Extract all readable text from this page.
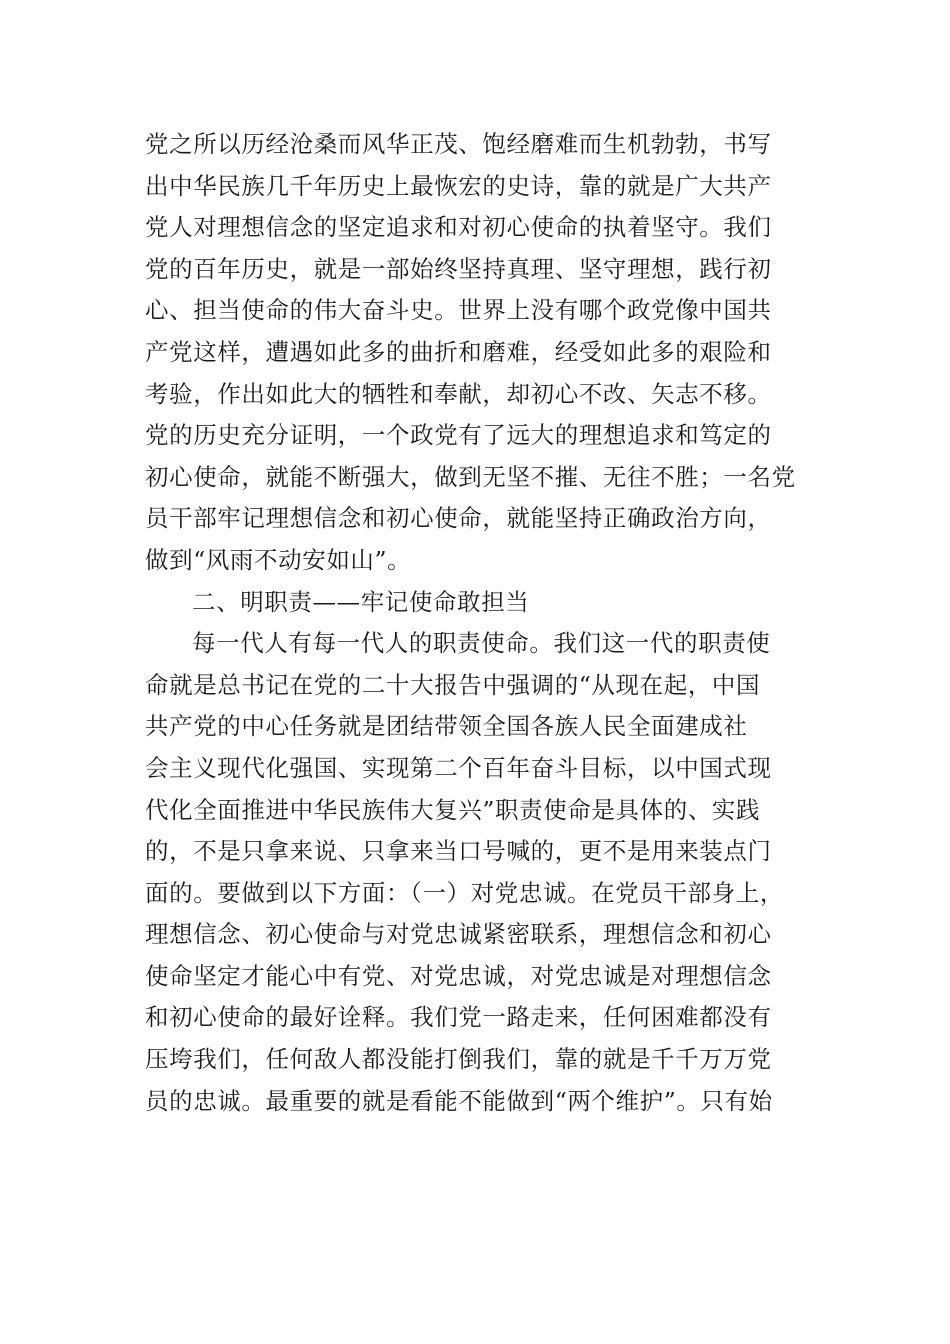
党之所以历经沧桑而风华正茂、饱经磨难而生机勃勃，书写
出中华民族几千年历史上最恢宏的史诗，靠的就是广大共产
党人对理想信念的坚定追求和对初心使命的执着坚守。我们
党的百年历史，就是一部始终坚持真理、坚守理想，践行初
心、担当使命的伟大奋斗史。世界上没有哪个政党像中国共
产党这样，遭遇如此多的曲折和磨难，经受如此多的艰险和
考验，作出如此大的牺牲和奉献，却初心不改、矢志不移。
党的历史充分证明，一个政党有了远大的理想追求和笃定的
初心使命，就能不断强大，做到无坚不摧、无往不胜；一名党
员干部牢记理想信念和初心使命，就能坚持正确政治方向，
做到“风雨不动安如山”。
二、明职责——牢记使命敢担当
每一代人有每一代人的职责使命。我们这一代的职责使
命就是总书记在党的二十大报告中强调的“从现在起，中国
共产党的中心任务就是团结带领全国各族人民全面建成社
会主义现代化强国、实现第二个百年奋斗目标，以中国式现
代化全面推进中华民族伟大复兴”职责使命是具体的、实践
的，不是只拿来说、只拿来当口号喊的，更不是用来装点门
面的。要做到以下方面：（一）对党忠诚。在党员干部身上，
理想信念、初心使命与对党忠诚紧密联系，理想信念和初心
使命坚定才能心中有党、对党忠诚，对党忠诚是对理想信念
和初心使命的最好诠释。我们党一路走来，任何困难都没有
压垮我们，任何敌人都没能打倒我们，靠的就是千千万万党
员的忠诚。最重要的就是看能不能做到“两个维护”。只有始
